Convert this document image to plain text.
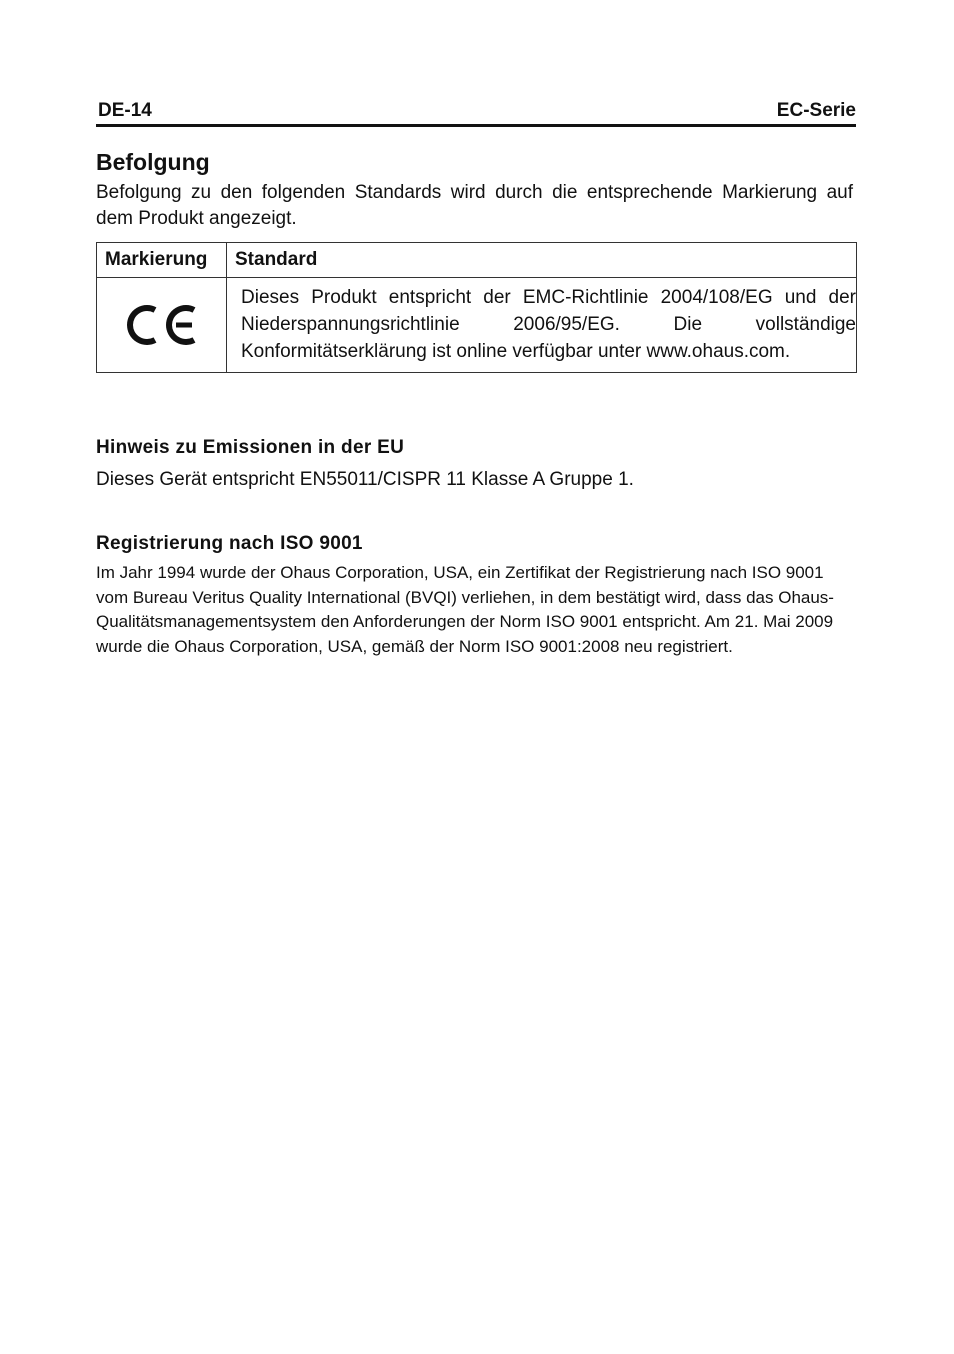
DE-14	EC-Serie
Befolgung
Befolgung zu den folgenden Standards wird durch die entsprechende Markierung auf dem Produkt angezeigt.
Markierung	Standard

	Dieses Produkt entspricht der EMC-Richtlinie 2004/108/EG und der Niederspannungsrichtlinie 2006/95/EG. Die vollständige Konformitätserklärung ist online verfügbar unter www.ohaus.com.
Hinweis zu Emissionen in der EU
Dieses Gerät entspricht EN55011/CISPR 11 Klasse A Gruppe 1.
Registrierung nach ISO 9001
Im Jahr 1994 wurde der Ohaus Corporation, USA, ein Zertifikat der Registrierung nach ISO 9001 vom Bureau Veritus Quality International (BVQI) verliehen, in dem bestätigt wird, dass das Ohaus-Qualitätsmanagementsystem den Anforderungen der Norm ISO 9001 entspricht. Am 21. Mai 2009 wurde die Ohaus Corporation, USA, gemäß der Norm ISO 9001:2008 neu registriert.
